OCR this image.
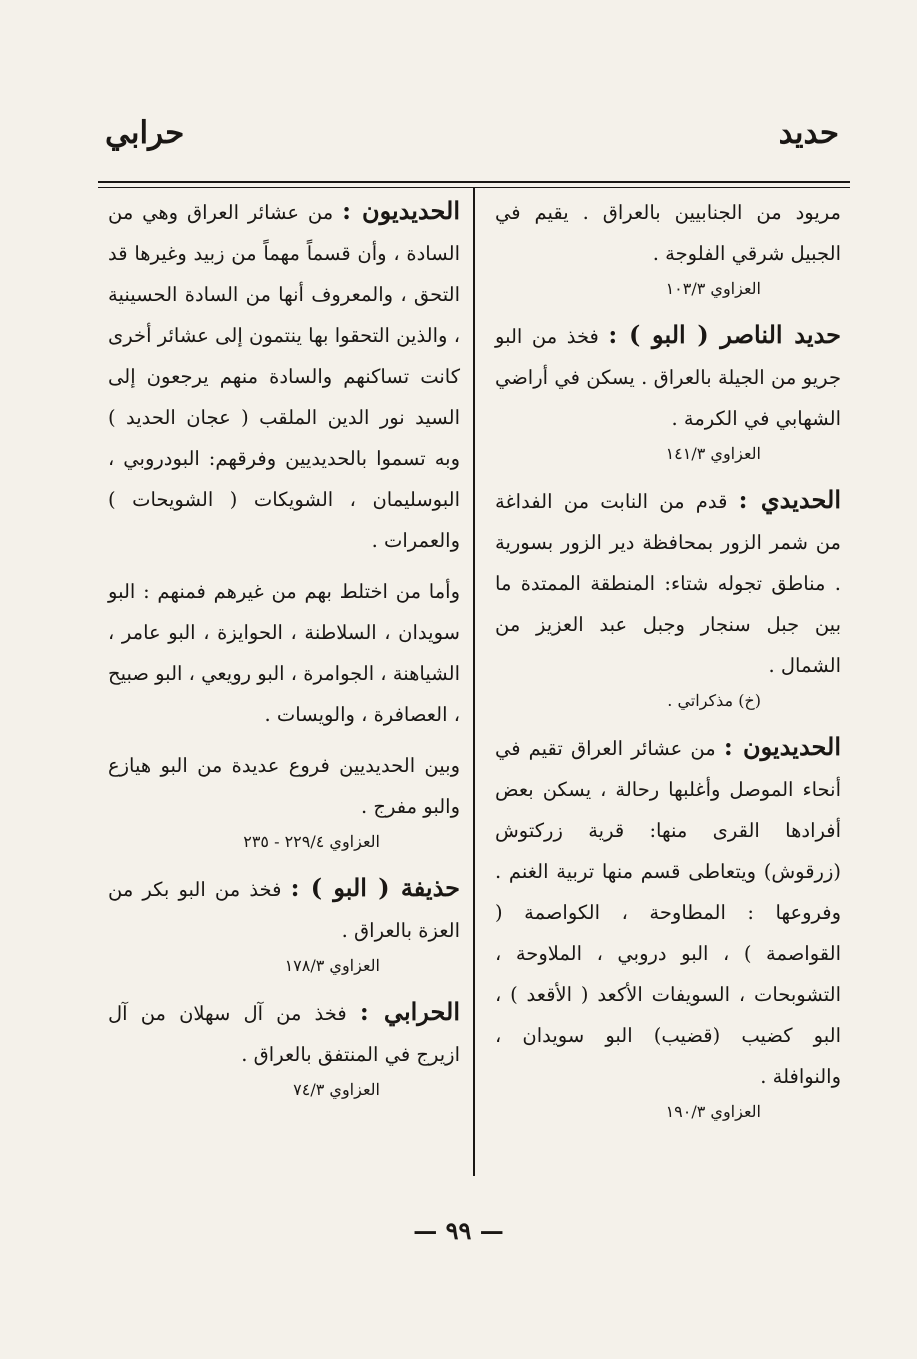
حديد
حرابي

مريود من الجنابيين بالعراق . يقيم في الجبيل شرقي الفلوجة .

العزاوي ١٠٣/٣

حديد الناصر ( البو ) : فخذ من البو جريو من الجيلة بالعراق . يسكن في أراضي الشهابي في الكرمة .

العزاوي ١٤١/٣

الحديدي : قدم من النابت من الفداغة من شمر الزور بمحافظة دير الزور بسورية . مناطق تجوله شتاء: المنطقة الممتدة ما بين جبل سنجار وجبل عبد العزيز من الشمال .

(خ) مذكراتي .

الحديديون : من عشائر العراق تقيم في أنحاء الموصل وأغلبها رحالة ، يسكن بعض أفرادها القرى منها: قرية زركتوش (زرقوش) ويتعاطى قسم منها تربية الغنم . وفروعها : المطاوحة ، الكواصمة ( القواصمة ) ، البو دروبي ، الملاوحة ، التشوبحات ، السويفات الأكعد ( الأقعد ) ، البو كضيب (قضيب) البو سويدان ، والنوافلة .

العزاوي ١٩٠/٣

الحديديون : من عشائر العراق وهي من السادة ، وأن قسماً مهماً من زبيد وغيرها قد التحق ، والمعروف أنها من السادة الحسينية ، والذين التحقوا بها ينتمون إلى عشائر أخرى كانت تساكنهم والسادة منهم يرجعون إلى السيد نور الدين الملقب ( عجان الحديد ) وبه تسموا بالحديديين وفرقهم: البودروبي ، البوسليمان ، الشويكات ( الشويحات ) والعمرات .

وأما من اختلط بهم من غيرهم فمنهم : البو سويدان ، السلاطنة ، الحوايزة ، البو عامر ، الشياهنة ، الجوامرة ، البو رويعي ، البو صبيح ، العصافرة ، والويسات .

وبين الحديديين فروع عديدة من البو هيازع والبو مفرج .

العزاوي ٢٢٩/٤ - ٢٣٥

حذيفة ( البو ) : فخذ من البو بكر من العزة بالعراق .

العزاوي ١٧٨/٣

الحرابي : فخذ من آل سهلان من آل ازيرج في المنتفق بالعراق .

العزاوي ٧٤/٣
— ٩٩ —
